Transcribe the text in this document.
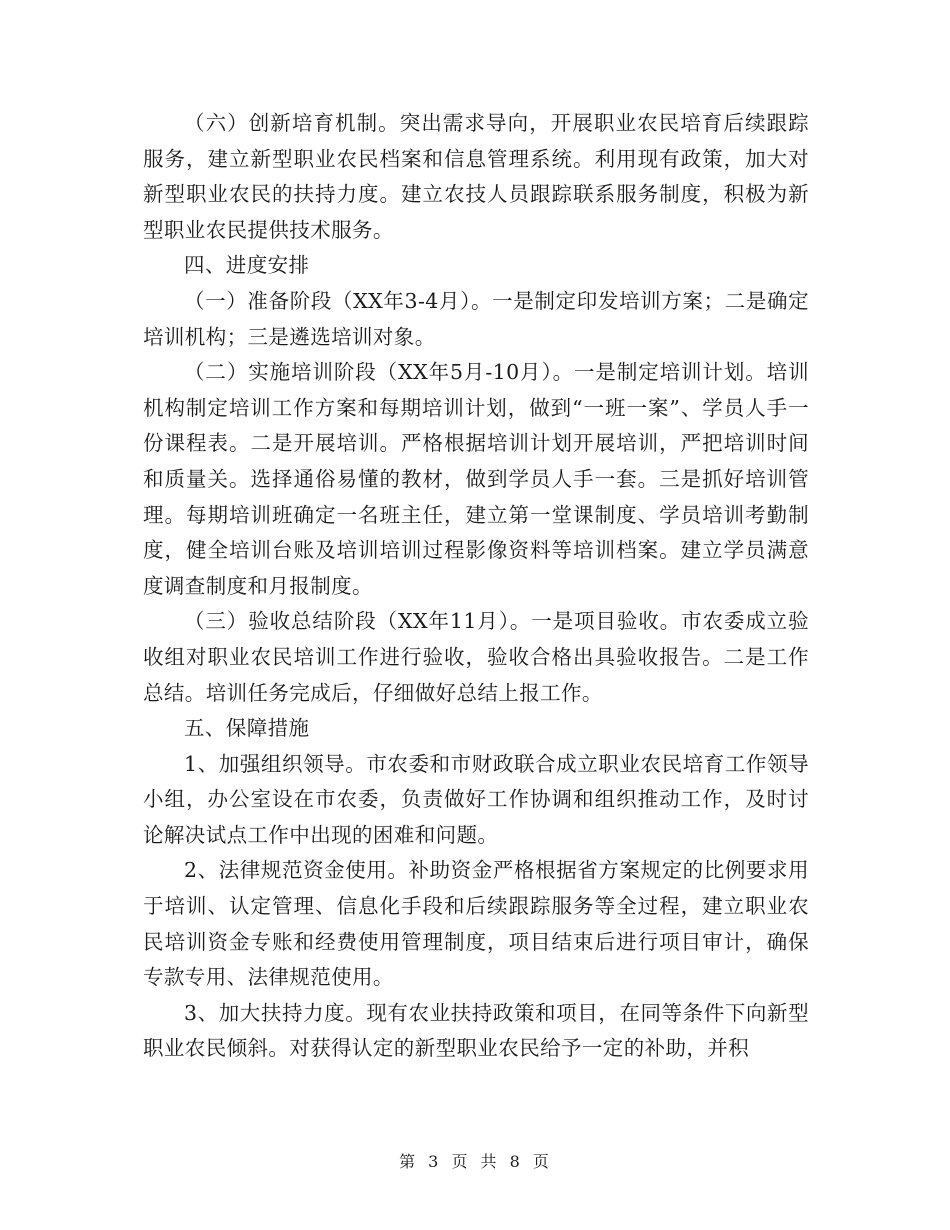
（六）创新培育机制。突出需求导向，开展职业农民培育后续跟踪服务，建立新型职业农民档案和信息管理系统。利用现有政策，加大对新型职业农民的扶持力度。建立农技人员跟踪联系服务制度，积极为新型职业农民提供技术服务。

四、进度安排

（一）准备阶段（XX年3-4月）。一是制定印发培训方案；二是确定培训机构；三是遴选培训对象。

（二）实施培训阶段（XX年5月-10月）。一是制定培训计划。培训机构制定培训工作方案和每期培训计划，做到“一班一案”、学员人手一份课程表。二是开展培训。严格根据培训计划开展培训，严把培训时间和质量关。选择通俗易懂的教材，做到学员人手一套。三是抓好培训管理。每期培训班确定一名班主任，建立第一堂课制度、学员培训考勤制度，健全培训台账及培训培训过程影像资料等培训档案。建立学员满意度调查制度和月报制度。

（三）验收总结阶段（XX年11月）。一是项目验收。市农委成立验收组对职业农民培训工作进行验收，验收合格出具验收报告。二是工作总结。培训任务完成后，仔细做好总结上报工作。

五、保障措施

1、加强组织领导。市农委和市财政联合成立职业农民培育工作领导小组，办公室设在市农委，负责做好工作协调和组织推动工作，及时讨论解决试点工作中出现的困难和问题。

2、法律规范资金使用。补助资金严格根据省方案规定的比例要求用于培训、认定管理、信息化手段和后续跟踪服务等全过程，建立职业农民培训资金专账和经费使用管理制度，项目结束后进行项目审计，确保专款专用、法律规范使用。

3、加大扶持力度。现有农业扶持政策和项目，在同等条件下向新型职业农民倾斜。对获得认定的新型职业农民给予一定的补助，并积

第 3 页 共 8 页
